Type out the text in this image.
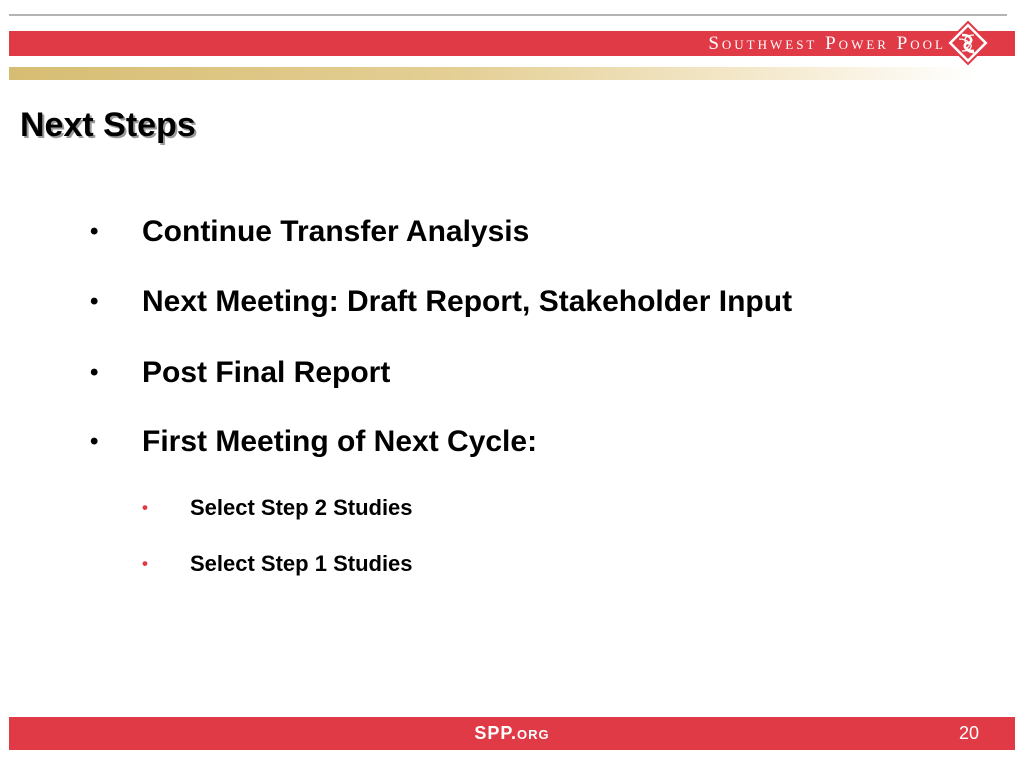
Southwest Power Pool
Next Steps
• Continue Transfer Analysis
• Next Meeting: Draft Report, Stakeholder Input
• Post Final Report
• First Meeting of Next Cycle:
• Select Step 2 Studies
• Select Step 1 Studies
SPP.org	20
